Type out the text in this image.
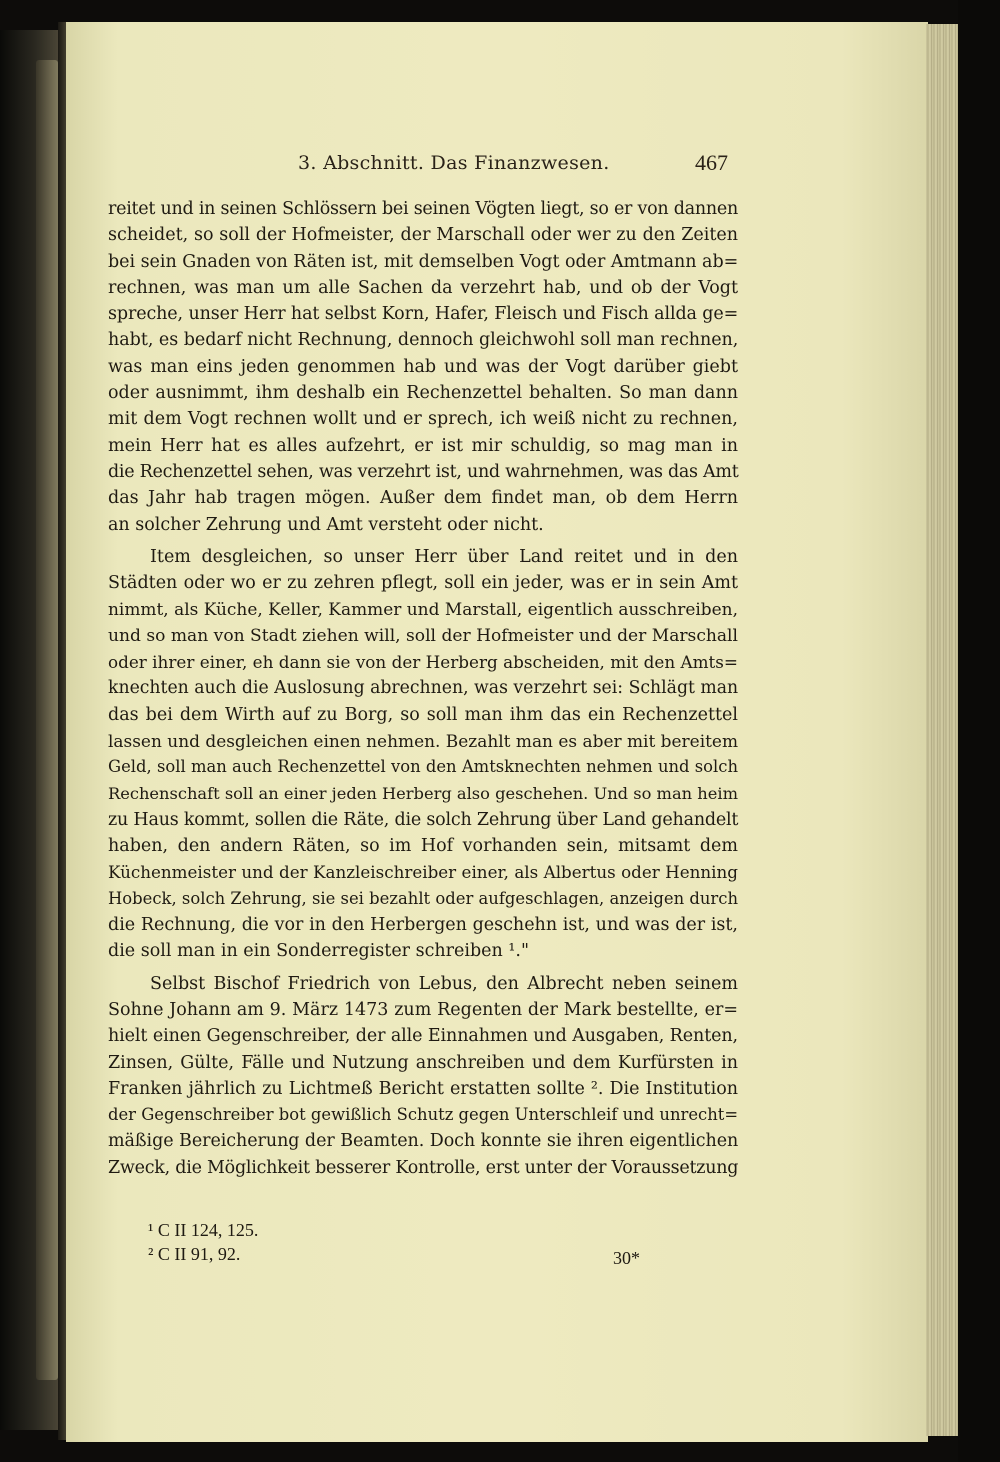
3. Abschnitt. Das Finanzwesen.	467
reitet und in seinen Schlössern bei seinen Vögten liegt, so er von dannen
scheidet, so soll der Hofmeister, der Marschall oder wer zu den Zeiten
bei sein Gnaden von Räten ist, mit demselben Vogt oder Amtmann ab=
rechnen, was man um alle Sachen da verzehrt hab, und ob der Vogt
spreche, unser Herr hat selbst Korn, Hafer, Fleisch und Fisch allda ge=
habt, es bedarf nicht Rechnung, dennoch gleichwohl soll man rechnen,
was man eins jeden genommen hab und was der Vogt darüber giebt
oder ausnimmt, ihm deshalb ein Rechenzettel behalten. So man dann
mit dem Vogt rechnen wollt und er sprech, ich weiß nicht zu rechnen,
mein Herr hat es alles aufzehrt, er ist mir schuldig, so mag man in
die Rechenzettel sehen, was verzehrt ist, und wahrnehmen, was das Amt
das Jahr hab tragen mögen. Außer dem findet man, ob dem Herrn
an solcher Zehrung und Amt versteht oder nicht.
Item desgleichen, so unser Herr über Land reitet und in den
Städten oder wo er zu zehren pflegt, soll ein jeder, was er in sein Amt
nimmt, als Küche, Keller, Kammer und Marstall, eigentlich ausschreiben,
und so man von Stadt ziehen will, soll der Hofmeister und der Marschall
oder ihrer einer, eh dann sie von der Herberg abscheiden, mit den Amts=
knechten auch die Auslosung abrechnen, was verzehrt sei: Schlägt man
das bei dem Wirth auf zu Borg, so soll man ihm das ein Rechenzettel
lassen und desgleichen einen nehmen. Bezahlt man es aber mit bereitem
Geld, soll man auch Rechenzettel von den Amtsknechten nehmen und solch
Rechenschaft soll an einer jeden Herberg also geschehen. Und so man heim
zu Haus kommt, sollen die Räte, die solch Zehrung über Land gehandelt
haben, den andern Räten, so im Hof vorhanden sein, mitsamt dem
Küchenmeister und der Kanzleischreiber einer, als Albertus oder Henning
Hobeck, solch Zehrung, sie sei bezahlt oder aufgeschlagen, anzeigen durch
die Rechnung, die vor in den Herbergen geschehn ist, und was der ist,
die soll man in ein Sonderregister schreiben ¹."
Selbst Bischof Friedrich von Lebus, den Albrecht neben seinem
Sohne Johann am 9. März 1473 zum Regenten der Mark bestellte, er=
hielt einen Gegenschreiber, der alle Einnahmen und Ausgaben, Renten,
Zinsen, Gülte, Fälle und Nutzung anschreiben und dem Kurfürsten in
Franken jährlich zu Lichtmeß Bericht erstatten sollte ². Die Institution
der Gegenschreiber bot gewißlich Schutz gegen Unterschleif und unrecht=
mäßige Bereicherung der Beamten. Doch konnte sie ihren eigentlichen
Zweck, die Möglichkeit besserer Kontrolle, erst unter der Voraussetzung
¹ C II 124, 125.
² C II 91, 92.	30*
